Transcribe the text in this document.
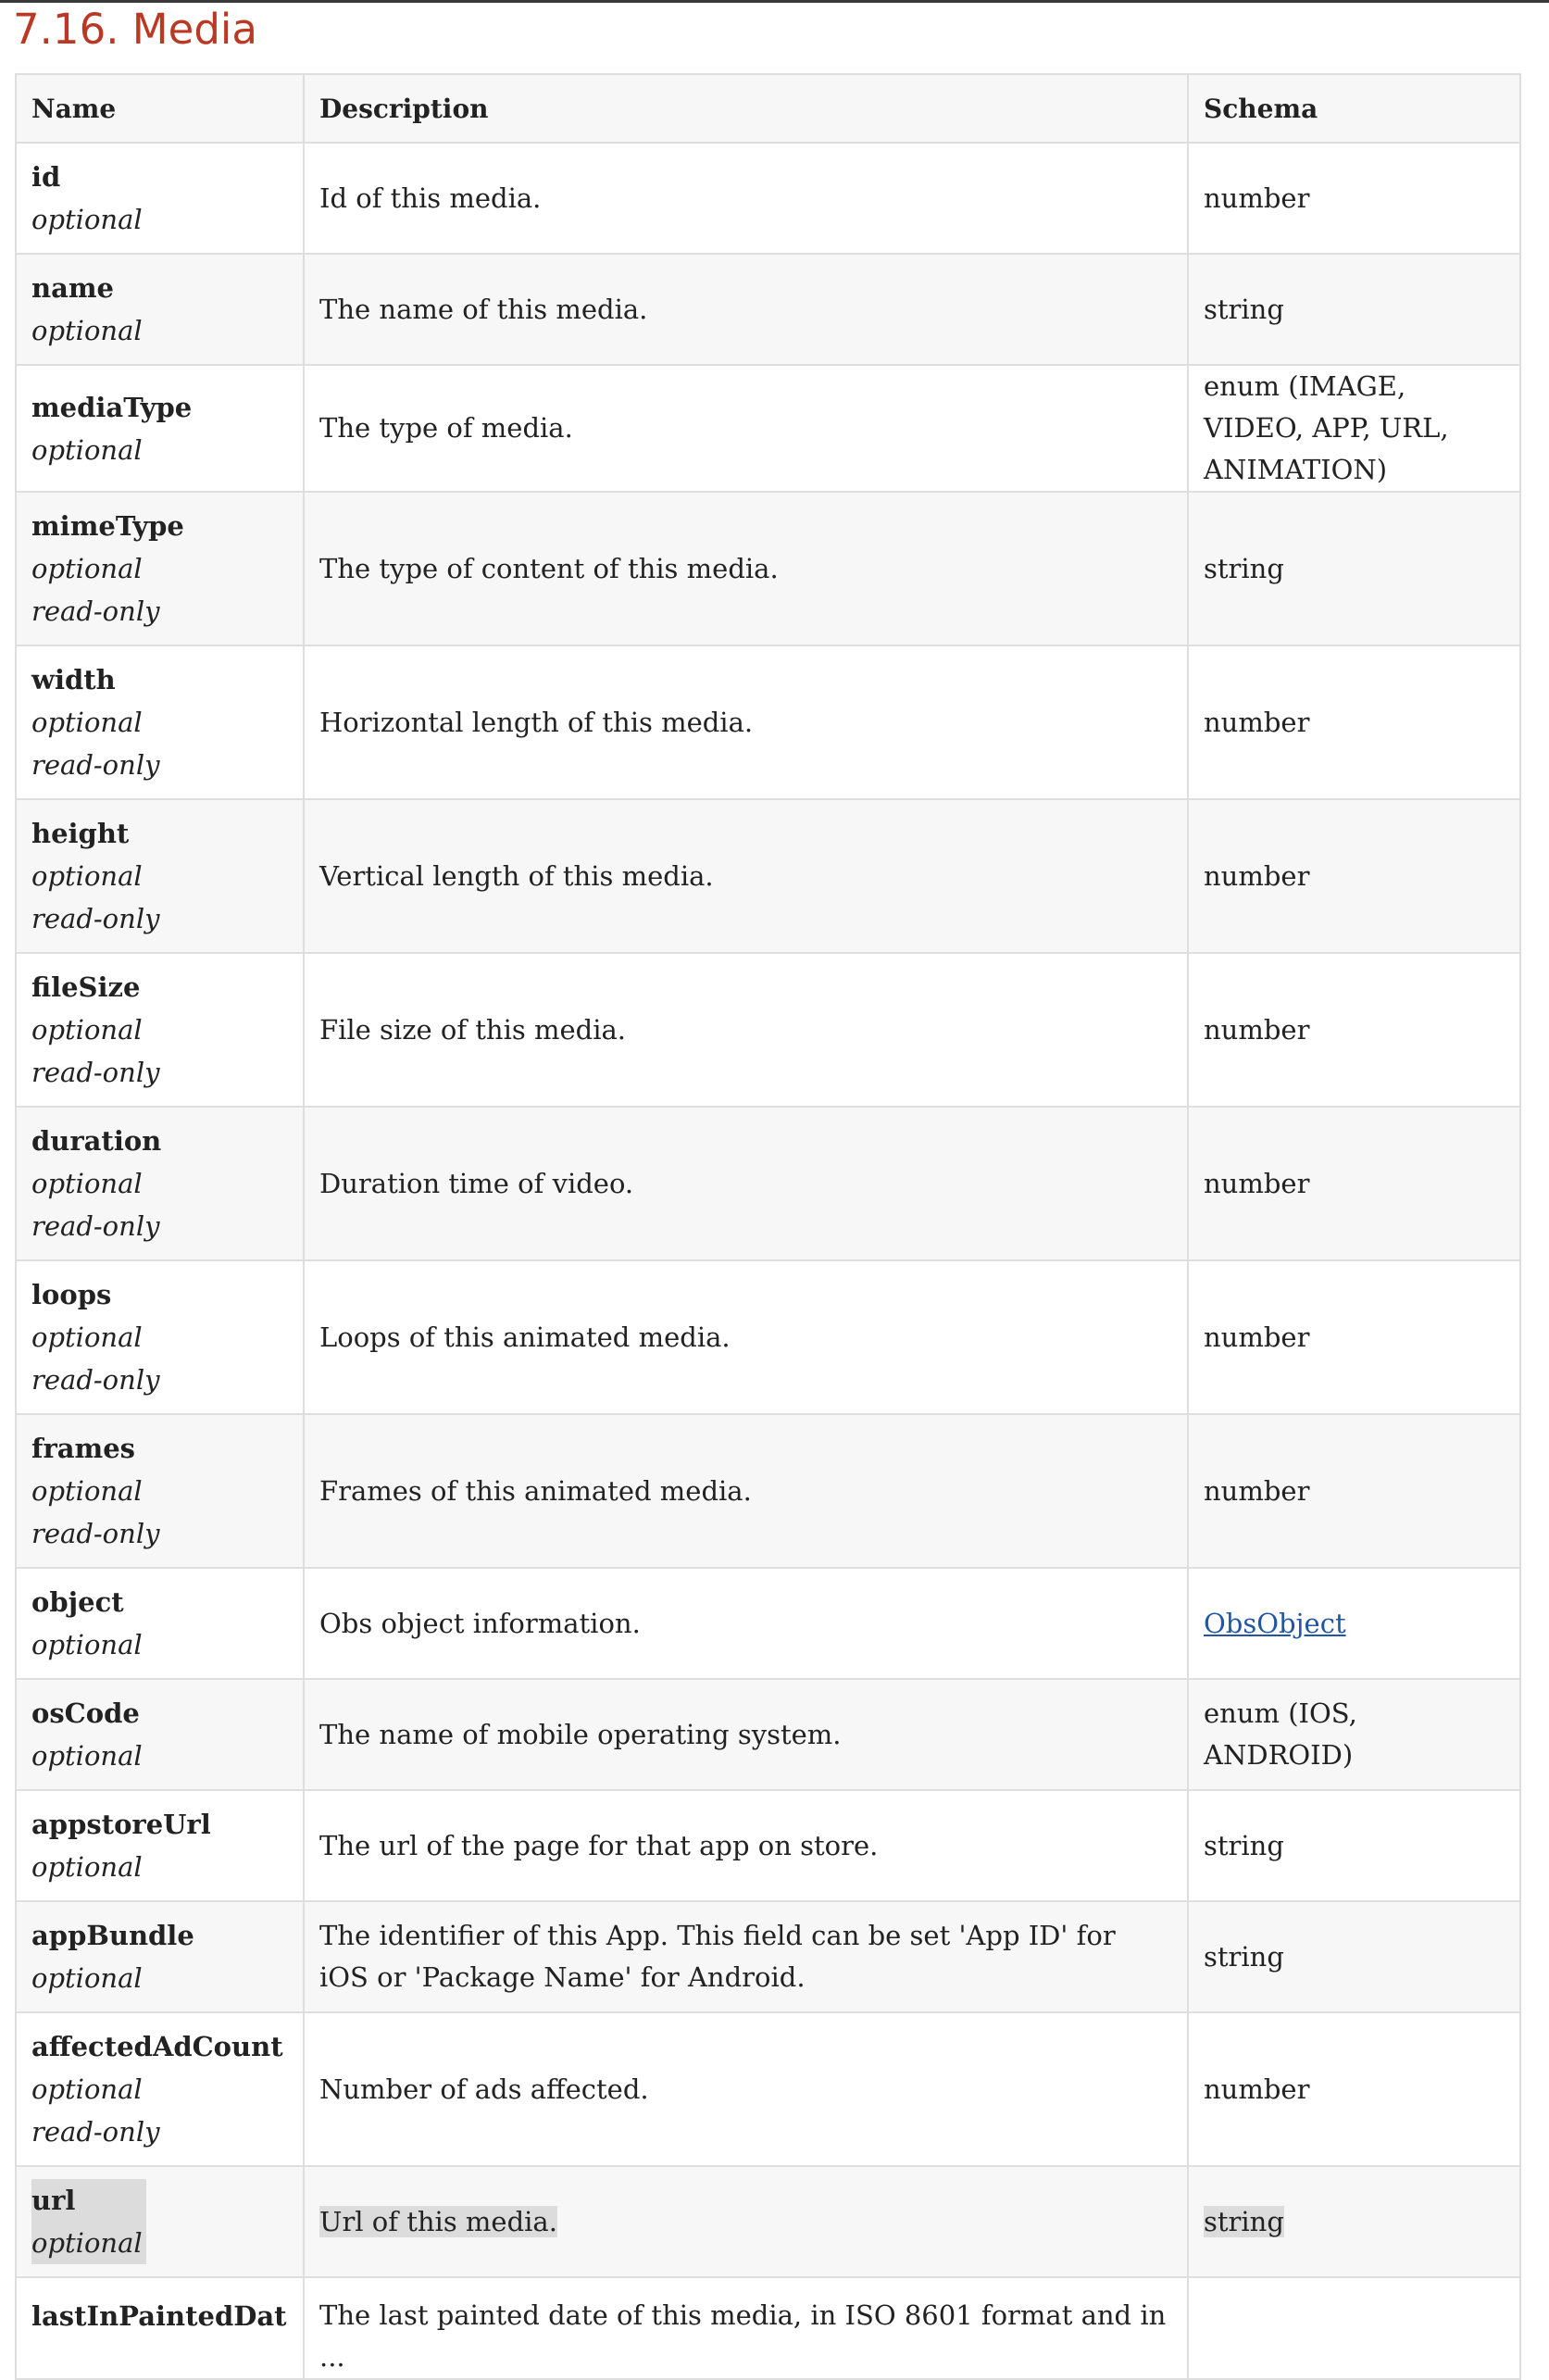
7.16. Media
Name	Description	Schema

id
optional	Id of this media.	number

name
optional	The name of this media.	string

mediaType
optional	The type of media.	enum (IMAGE, VIDEO, APP, URL, ANIMATION)

mimeType
optional
read-only	The type of content of this media.	string

width
optional
read-only	Horizontal length of this media.	number

height
optional
read-only	Vertical length of this media.	number

fileSize
optional
read-only	File size of this media.	number

duration
optional
read-only	Duration time of video.	number

loops
optional
read-only	Loops of this animated media.	number

frames
optional
read-only	Frames of this animated media.	number

object
optional	Obs object information.	ObsObject

osCode
optional	The name of mobile operating system.	enum (IOS, ANDROID)

appstoreUrl
optional	The url of the page for that app on store.	string

appBundle
optional	The identifier of this App. This field can be set 'App ID' for iOS or 'Package Name' for Android.	string

affectedAdCount
optional
read-only	Number of ads affected.	number
url
optional	Url of this media.	string

lastInPaintedDat	The last painted date of this media, in ISO 8601 format and in ...	
